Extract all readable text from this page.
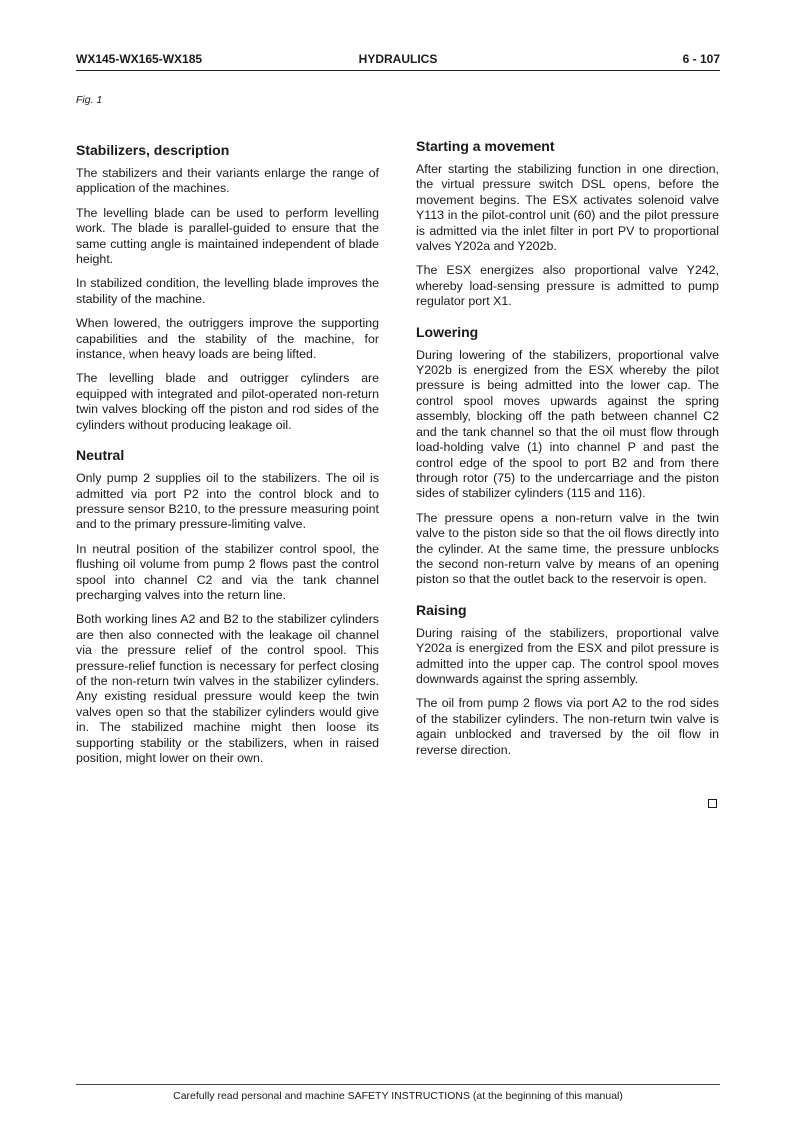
WX145-WX165-WX185	HYDRAULICS	6 - 107
Fig. 1
Stabilizers, description

The stabilizers and their variants enlarge the range of application of the machines.

The levelling blade can be used to perform levelling work. The blade is parallel-guided to ensure that the same cutting angle is maintained independent of blade height.

In stabilized condition, the levelling blade improves the stability of the machine.

When lowered, the outriggers improve the supporting capabilities and the stability of the machine, for instance, when heavy loads are being lifted.

The levelling blade and outrigger cylinders are equipped with integrated and pilot-operated non-return twin valves blocking off the piston and rod sides of the cylinders without producing leakage oil.

Neutral

Only pump 2 supplies oil to the stabilizers. The oil is admitted via port P2 into the control block and to pressure sensor B210, to the pressure measuring point and to the primary pressure-limiting valve.

In neutral position of the stabilizer control spool, the flushing oil volume from pump 2 flows past the control spool into channel C2 and via the tank channel precharging valves into the return line.

Both working lines A2 and B2 to the stabilizer cylinders are then also connected with the leakage oil channel via the pressure relief of the control spool. This pressure-relief function is necessary for perfect closing of the non-return twin valves in the stabilizer cylinders. Any existing residual pressure would keep the twin valves open so that the stabilizer cylinders would give in. The stabilized machine might then loose its supporting stability or the stabilizers, when in raised position, might lower on their own.

Starting a movement

After starting the stabilizing function in one direction, the virtual pressure switch DSL opens, before the movement begins. The ESX activates solenoid valve Y113 in the pilot-control unit (60) and the pilot pressure is admitted via the inlet filter in port PV to proportional valves Y202a and Y202b.

The ESX energizes also proportional valve Y242, whereby load-sensing pressure is admitted to pump regulator port X1.

Lowering

During lowering of the stabilizers, proportional valve Y202b is energized from the ESX whereby the pilot pressure is being admitted into the lower cap. The control spool moves upwards against the spring assembly, blocking off the path between channel C2 and the tank channel so that the oil must flow through load-holding valve (1) into channel P and past the control edge of the spool to port B2 and from there through rotor (75) to the undercarriage and the piston sides of stabilizer cylinders (115 and 116).

The pressure opens a non-return valve in the twin valve to the piston side so that the oil flows directly into the cylinder. At the same time, the pressure unblocks the second non-return valve by means of an opening piston so that the outlet back to the reservoir is open.

Raising

During raising of the stabilizers, proportional valve Y202a is energized from the ESX and pilot pressure is admitted into the upper cap. The control spool moves downwards against the spring assembly.

The oil from pump 2 flows via port A2 to the rod sides of the stabilizer cylinders. The non-return twin valve is again unblocked and traversed by the oil flow in reverse direction.

Carefully read personal and machine SAFETY INSTRUCTIONS (at the beginning of this manual)
